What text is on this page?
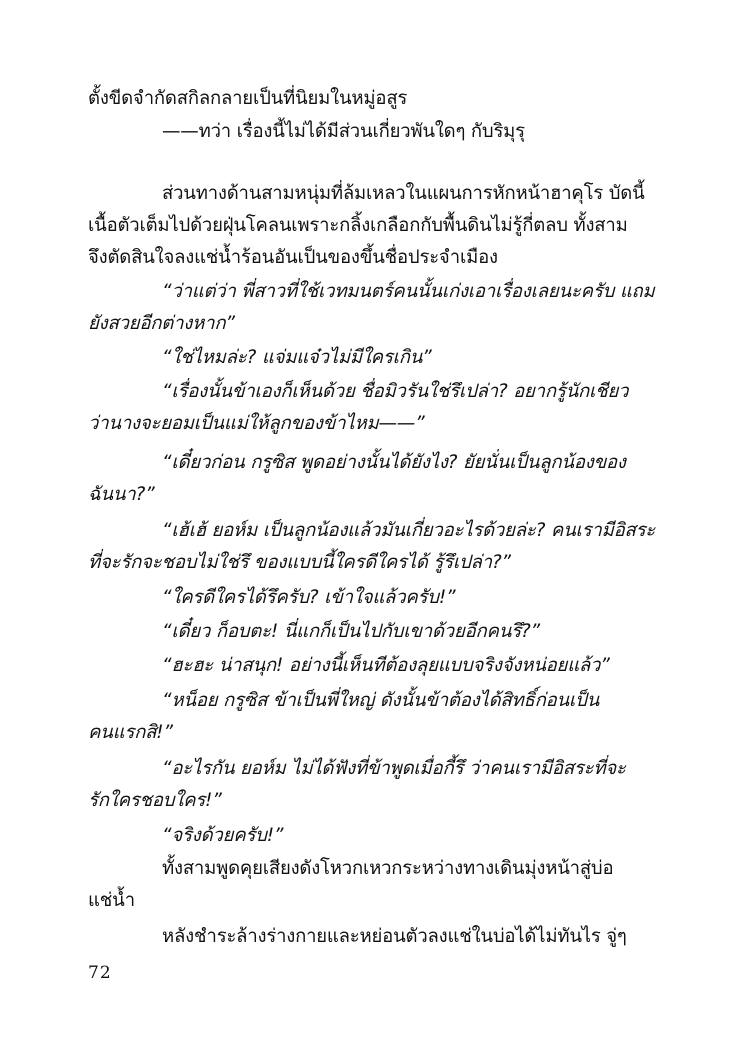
ตั้งขีดจำกัดสกิลกลายเป็นที่นิยมในหมู่อสูร
——ทว่า เรื่องนี้ไม่ได้มีส่วนเกี่ยวพันใดๆ กับริมุรุ
ส่วนทางด้านสามหนุ่มที่ล้มเหลวในแผนการหักหน้าฮาคุโร บัดนี้
เนื้อตัวเต็มไปด้วยฝุ่นโคลนเพราะกลิ้งเกลือกกับพื้นดินไม่รู้กี่ตลบ ทั้งสาม
จึงตัดสินใจลงแช่น้ำร้อนอันเป็นของขึ้นชื่อประจำเมือง
“ว่าแต่ว่า พี่สาวที่ใช้เวทมนตร์คนนั้นเก่งเอาเรื่องเลยนะครับ แถม
ยังสวยอีกต่างหาก”
“ใช่ไหมล่ะ? แจ่มแจ๋วไม่มีใครเกิน”
“เรื่องนั้นข้าเองก็เห็นด้วย ชื่อมิวรันใช่รึเปล่า? อยากรู้นักเชียว
ว่านางจะยอมเป็นแม่ให้ลูกของข้าไหม——”
“เดี๋ยวก่อน กรูซิส พูดอย่างนั้นได้ยังไง? ยัยนั่นเป็นลูกน้องของ
ฉันนา?”
“เฮ้เฮ้ ยอห์ม เป็นลูกน้องแล้วมันเกี่ยวอะไรด้วยล่ะ? คนเรามีอิสระ
ที่จะรักจะชอบไม่ใช่รึ ของแบบนี้ใครดีใครได้ รู้รึเปล่า?”
“ใครดีใครได้รึครับ? เข้าใจแล้วครับ!”
“เดี๋ยว ก็อบตะ! นี่แกก็เป็นไปกับเขาด้วยอีกคนรึ?”
“ฮะฮะ น่าสนุก! อย่างนี้เห็นทีต้องลุยแบบจริงจังหน่อยแล้ว”
“หน็อย กรูซิส ข้าเป็นพี่ใหญ่ ดังนั้นข้าต้องได้สิทธิ์ก่อนเป็น
คนแรกสิ!”
“อะไรกัน ยอห์ม ไม่ได้ฟังที่ข้าพูดเมื่อกี้รึ ว่าคนเรามีอิสระที่จะ
รักใครชอบใคร!”
“จริงด้วยครับ!”
ทั้งสามพูดคุยเสียงดังโหวกเหวกระหว่างทางเดินมุ่งหน้าสู่บ่อ
แช่น้ำ
หลังชำระล้างร่างกายและหย่อนตัวลงแช่ในบ่อได้ไม่ทันไร จู่ๆ
72
